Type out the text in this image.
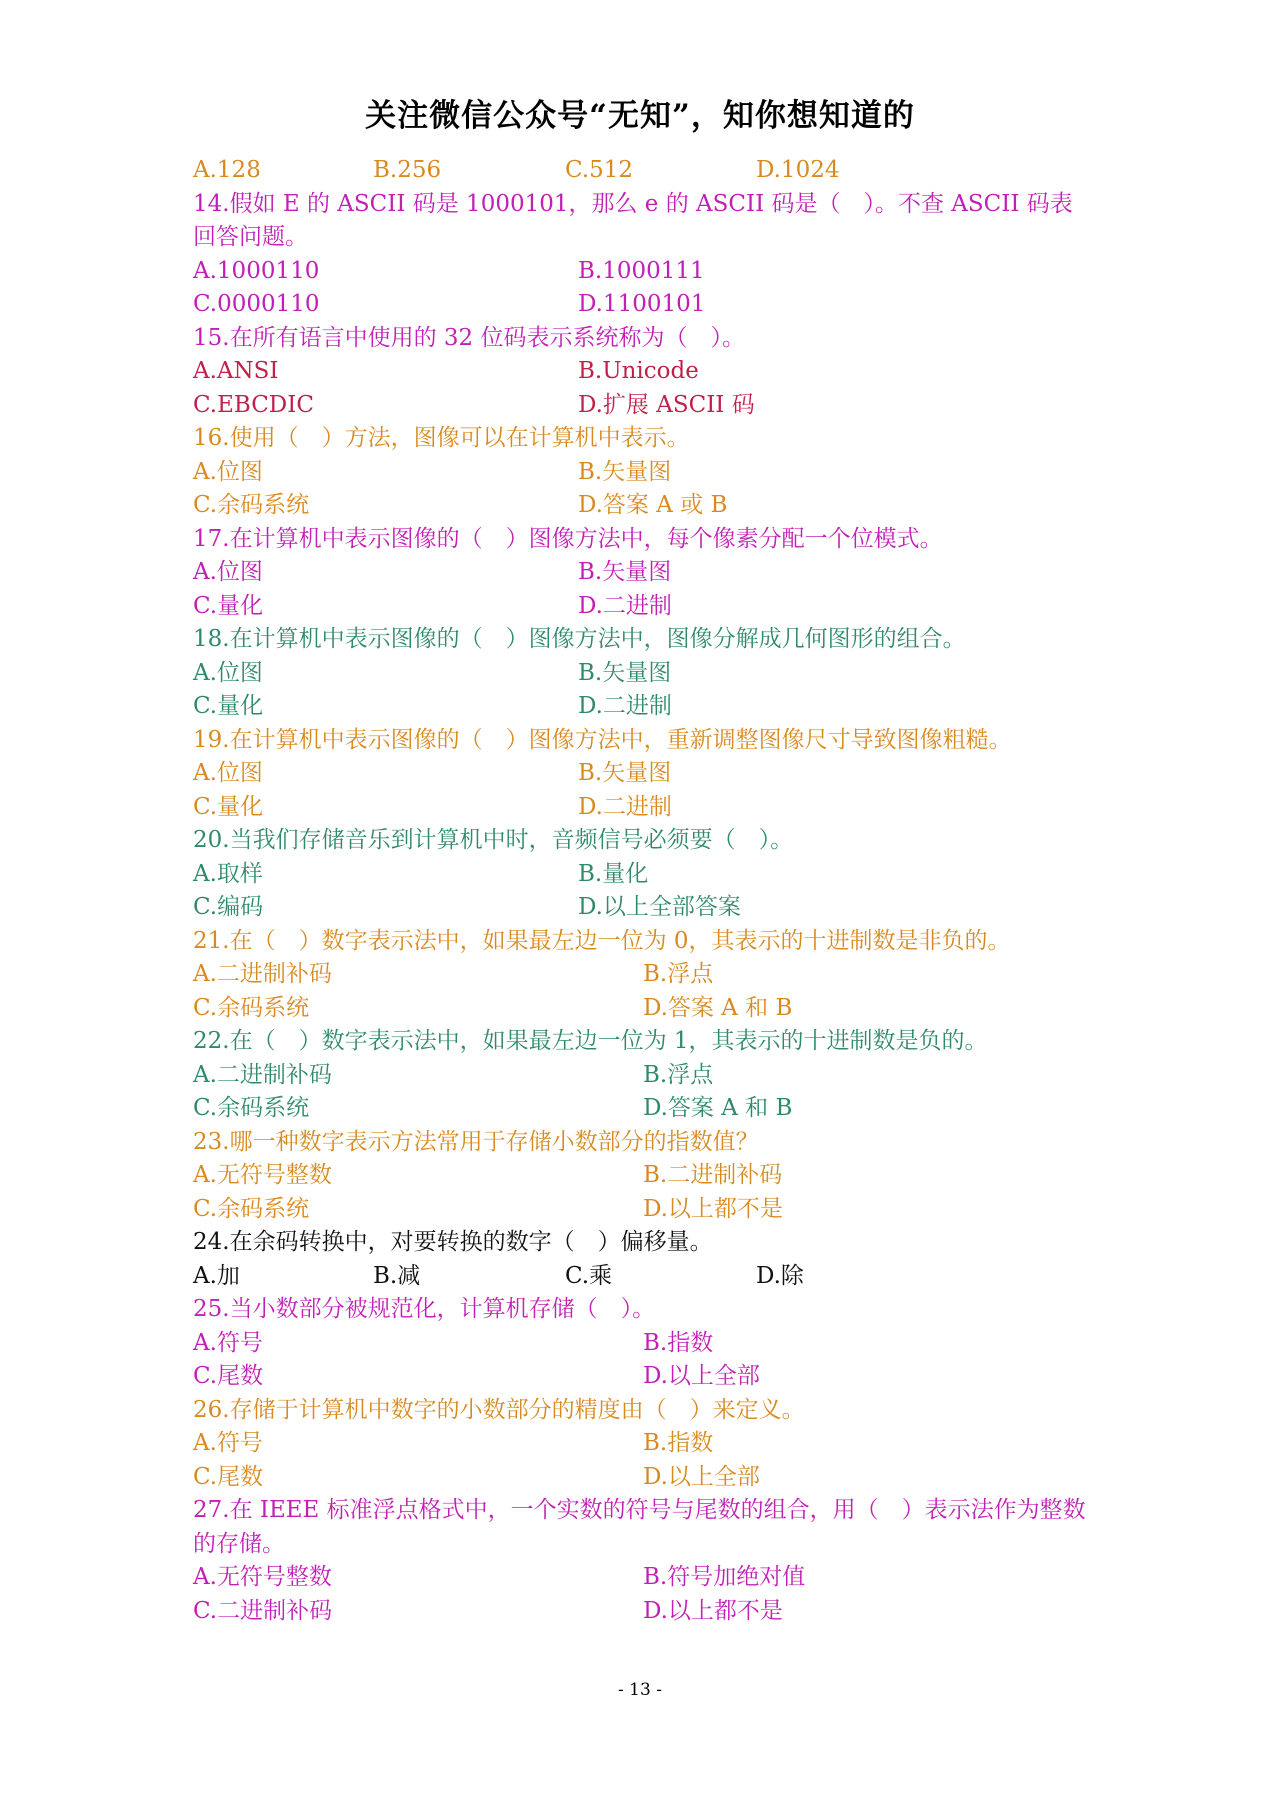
关注微信公众号“无知”，知你想知道的
A.128	B.256	C.512	D.1024
14.假如 E 的 ASCII 码是 1000101，那么 e 的 ASCII 码是（　）。不查 ASCII 码表回答问题。
A.1000110	B.1000111
C.0000110	D.1100101
15.在所有语言中使用的 32 位码表示系统称为（　）。
A.ANSI	B.Unicode
C.EBCDIC	D.扩展 ASCII 码
16.使用（　）方法，图像可以在计算机中表示。
A.位图	B.矢量图
C.余码系统	D.答案 A 或 B
17.在计算机中表示图像的（　）图像方法中，每个像素分配一个位模式。
A.位图	B.矢量图
C.量化	D.二进制
18.在计算机中表示图像的（　）图像方法中，图像分解成几何图形的组合。
A.位图	B.矢量图
C.量化	D.二进制
19.在计算机中表示图像的（　）图像方法中，重新调整图像尺寸导致图像粗糙。
A.位图	B.矢量图
C.量化	D.二进制
20.当我们存储音乐到计算机中时，音频信号必须要（　）。
A.取样	B.量化
C.编码	D.以上全部答案
21.在（　）数字表示法中，如果最左边一位为 0，其表示的十进制数是非负的。
A.二进制补码	B.浮点
C.余码系统	D.答案 A 和 B
22.在（　）数字表示法中，如果最左边一位为 1，其表示的十进制数是负的。
A.二进制补码	B.浮点
C.余码系统	D.答案 A 和 B
23.哪一种数字表示方法常用于存储小数部分的指数值？
A.无符号整数	B.二进制补码
C.余码系统	D.以上都不是
24.在余码转换中，对要转换的数字（　）偏移量。
A.加	B.减	C.乘	D.除
25.当小数部分被规范化，计算机存储（　）。
A.符号	B.指数
C.尾数	D.以上全部
26.存储于计算机中数字的小数部分的精度由（　）来定义。
A.符号	B.指数
C.尾数	D.以上全部
27.在 IEEE 标准浮点格式中，一个实数的符号与尾数的组合，用（　）表示法作为整数的存储。
A.无符号整数	B.符号加绝对值
C.二进制补码	D.以上都不是
- 13 -
